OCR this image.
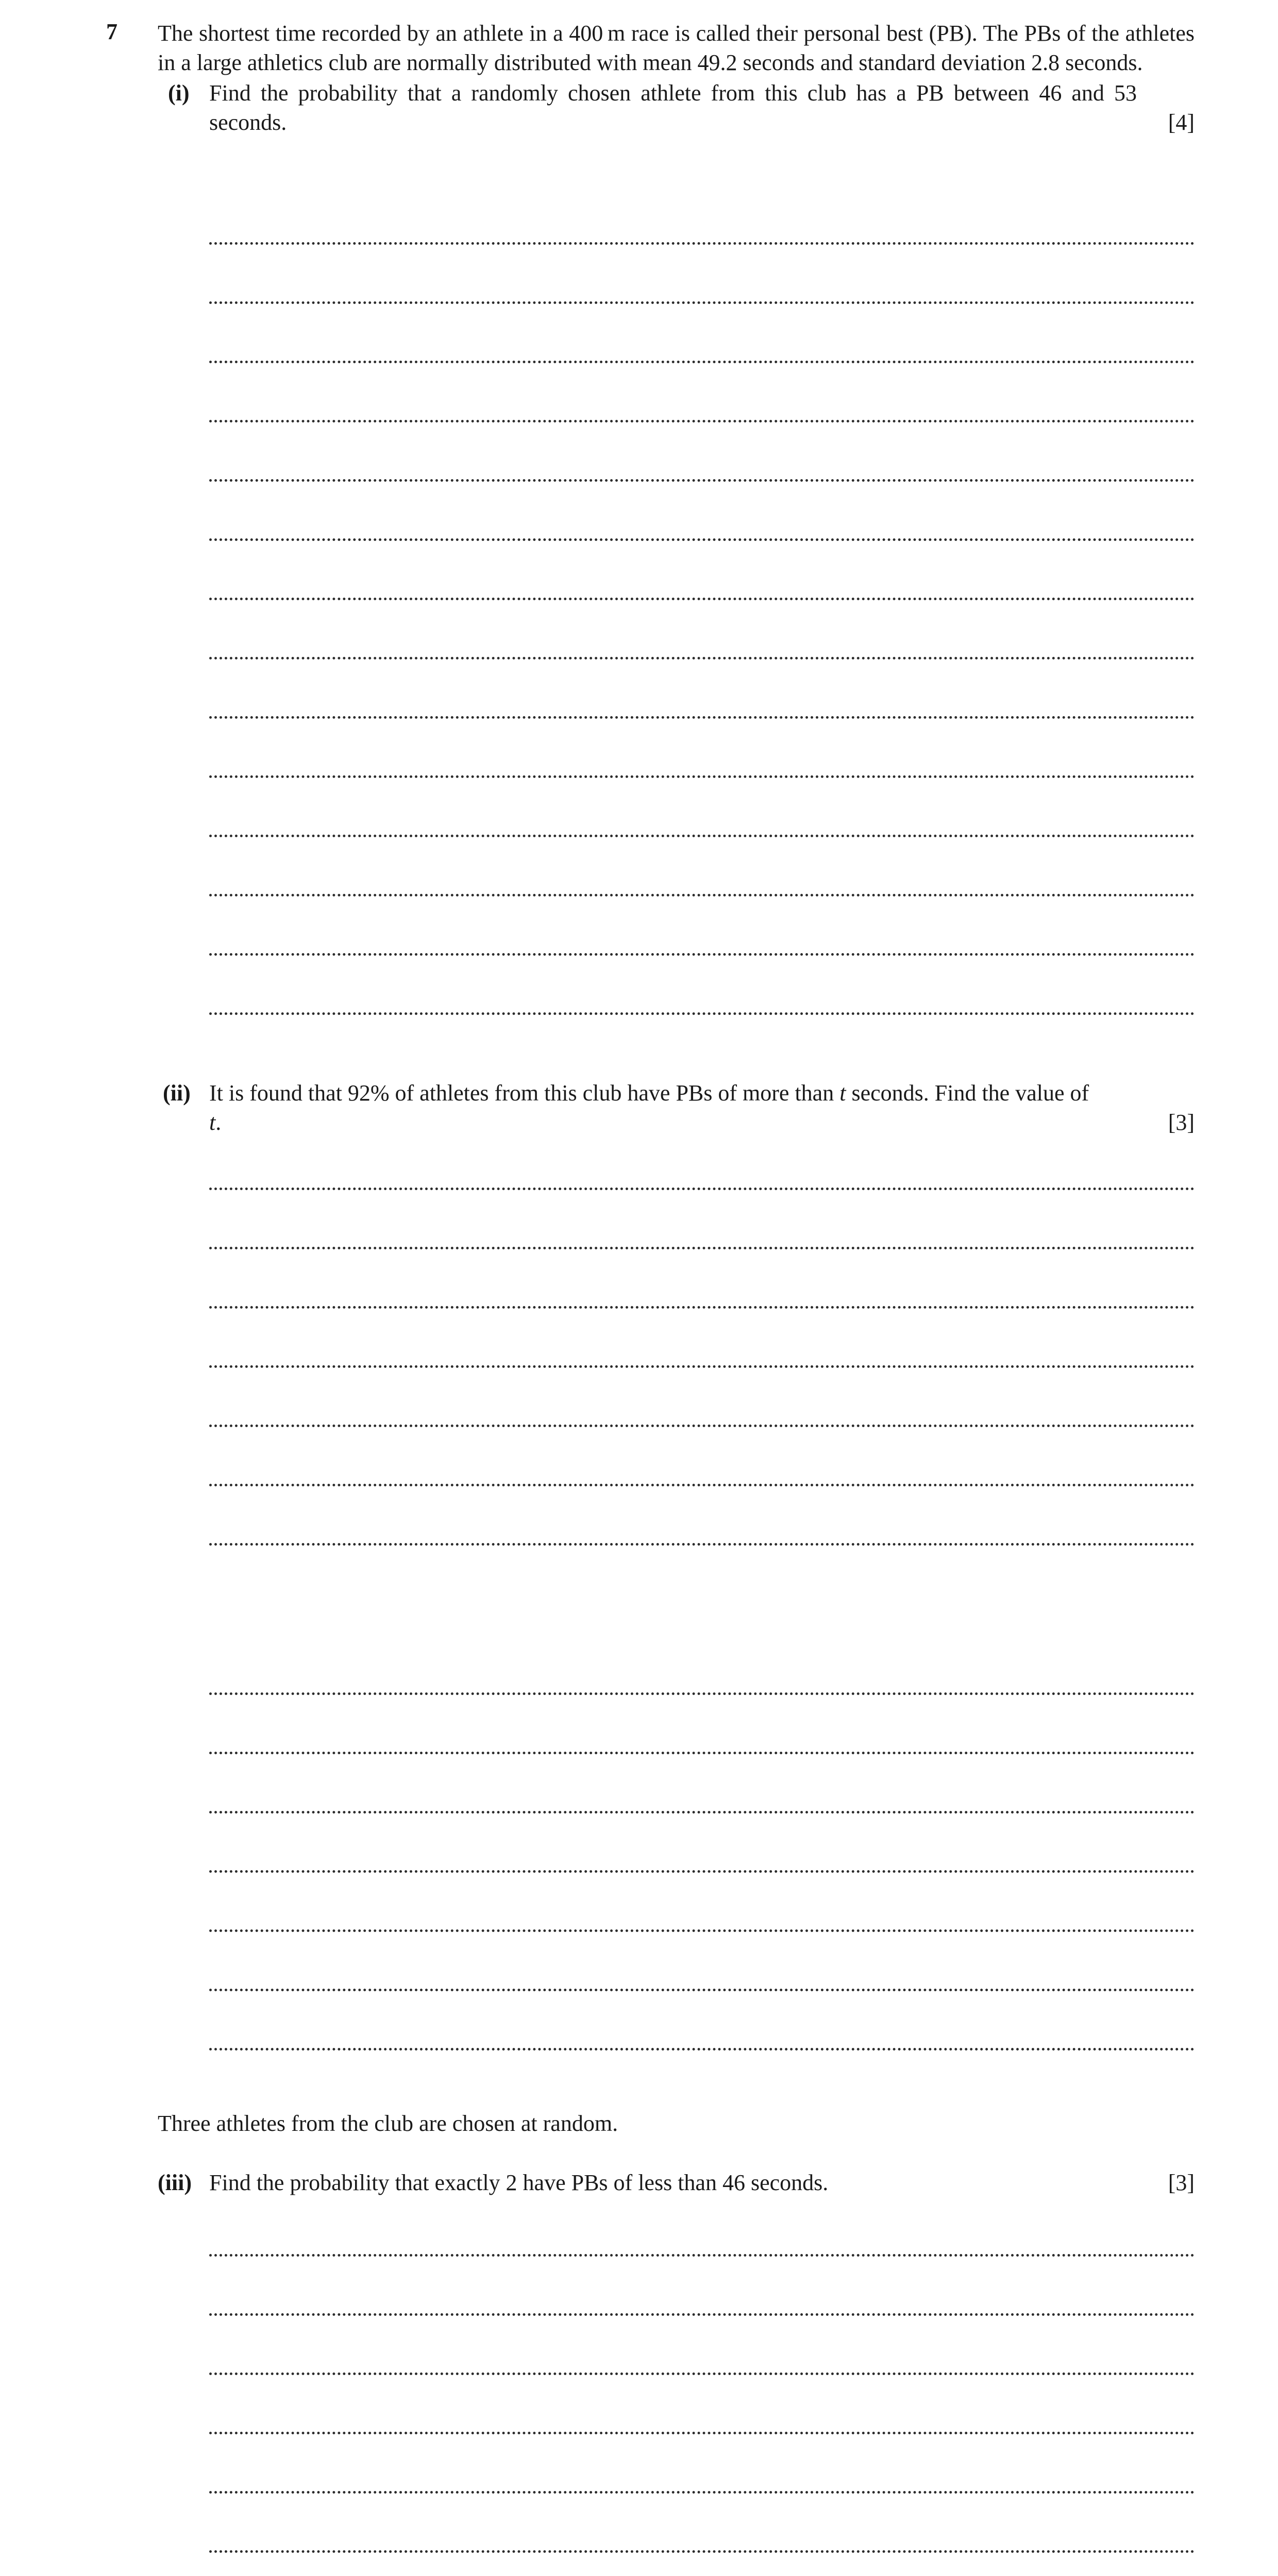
7 The shortest time recorded by an athlete in a 400 m race is called their personal best (PB). The PBs of the athletes in a large athletics club are normally distributed with mean 49.2 seconds and standard deviation 2.8 seconds.

(i) Find the probability that a randomly chosen athlete from this club has a PB between 46 and 53 seconds.	[4]
(ii) It is found that 92% of athletes from this club have PBs of more than t seconds. Find the value of
t.	[3]

Three athletes from the club are chosen at random.

(iii) Find the probability that exactly 2 have PBs of less than 46 seconds.	[3]
